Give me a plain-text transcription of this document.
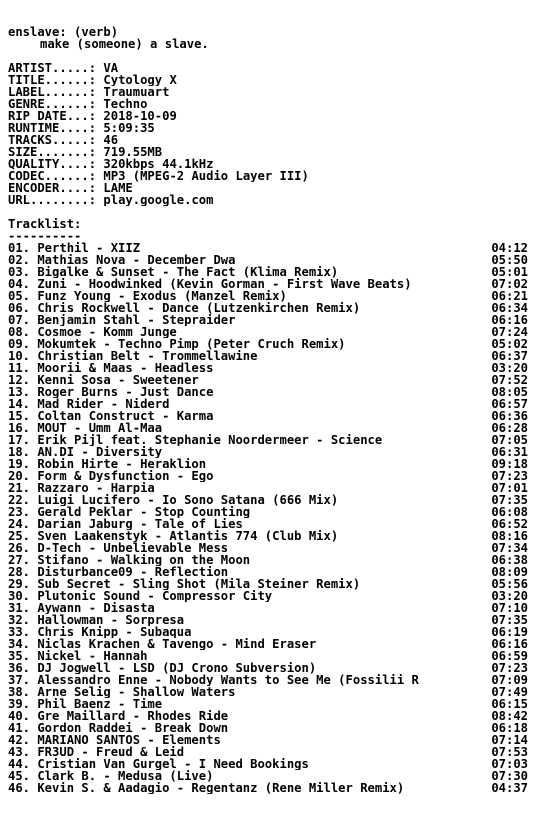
enslave: (verb)
make (someone) a slave.
ARTIST.....: VA
TITLE......: Cytology X
LABEL......: Traumuart
GENRE......: Techno
RIP DATE...: 2018-10-09
RUNTIME....: 5:09:35
TRACKS.....: 46
SIZE.......: 719.55MB
QUALITY....: 320kbps 44.1kHz
CODEC......: MP3 (MPEG-2 Audio Layer III)
ENCODER....: LAME
URL........: play.google.com
Tracklist:
----------
01. Perthil - XIIZ	04:12
02. Mathias Nova - December Dwa	05:50
03. Bigalke & Sunset - The Fact (Klima Remix)	05:01
04. Zuni - Hoodwinked (Kevin Gorman - First Wave Beats)	07:02
05. Funz Young - Exodus (Manzel Remix)	06:21
06. Chris Rockwell - Dance (Lutzenkirchen Remix)	06:34
07. Benjamin Stahl - Stepraider	06:16
08. Cosmoe - Komm Junge	07:24
09. Mokumtek - Techno Pimp (Peter Cruch Remix)	05:02
10. Christian Belt - Trommellawine	06:37
11. Moorii & Maas - Headless	03:20
12. Kenni Sosa - Sweetener	07:52
13. Roger Burns - Just Dance	08:05
14. Mad Rider - Niderd	06:57
15. Coltan Construct - Karma	06:36
16. MOUT - Umm Al-Maa	06:28
17. Erik Pijl feat. Stephanie Noordermeer - Science	07:05
18. AN.DI - Diversity	06:31
19. Robin Hirte - Heraklion	09:18
20. Form & Dysfunction - Ego	07:23
21. Razzaro - Harpia	07:01
22. Luigi Lucifero - Io Sono Satana (666 Mix)	07:35
23. Gerald Peklar - Stop Counting	06:08
24. Darian Jaburg - Tale of Lies	06:52
25. Sven Laakenstyk - Atlantis 774 (Club Mix)	08:16
26. D-Tech - Unbelievable Mess	07:34
27. Stifano - Walking on the Moon	06:38
28. Disturbance09 - Reflection	08:09
29. Sub Secret - Sling Shot (Mila Steiner Remix)	05:56
30. Plutonic Sound - Compressor City	03:20
31. Aywann - Disasta	07:10
32. Hallowman - Sorpresa	07:35
33. Chris Knipp - Subaqua	06:19
34. Niclas Krachen & Tavengo - Mind Eraser	06:16
35. Nickel - Hannah	06:59
36. DJ Jogwell - LSD (DJ Crono Subversion)	07:23
37. Alessandro Enne - Nobody Wants to See Me (Fossilii R	07:09
38. Arne Selig - Shallow Waters	07:49
39. Phil Baenz - Time	06:15
40. Gre Maillard - Rhodes Ride	08:42
41. Gordon Raddei - Break Down	06:18
42. MARIANO SANTOS - Elements	07:14
43. FR3UD - Freud & Leid	07:53
44. Cristian Van Gurgel - I Need Bookings	07:03
45. Clark B. - Medusa (Live)	07:30
46. Kevin S. & Aadagio - Regentanz (Rene Miller Remix)	04:37
